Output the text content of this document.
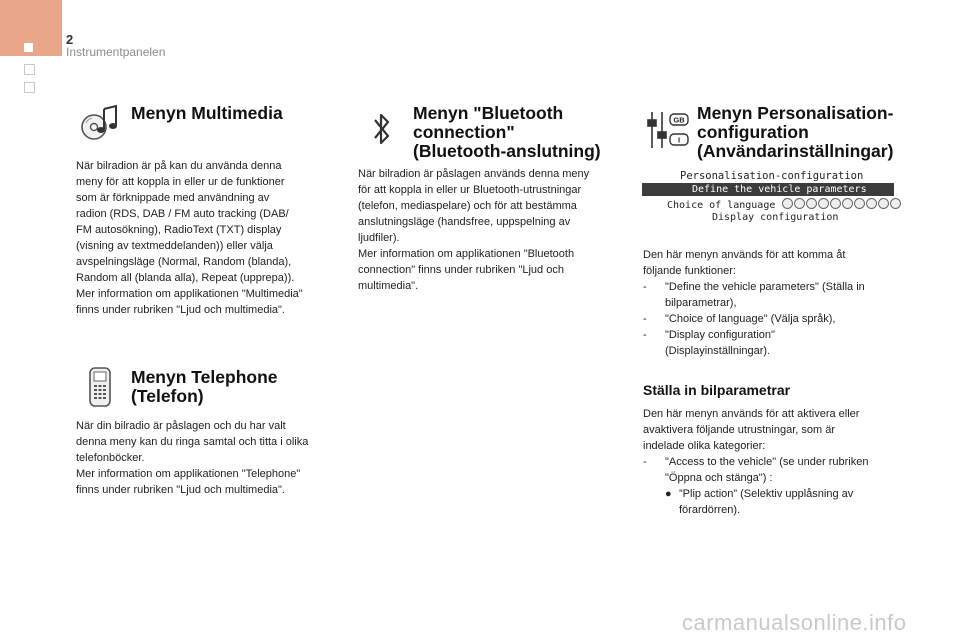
2
Instrumentpanelen
Menyn Multimedia

När bilradion är på kan du använda denna

meny för att koppla in eller ur de funktioner

som är förknippade med användning av

radion (RDS, DAB / FM auto tracking (DAB/

FM autosökning), RadioText (TXT) display

(visning av textmeddelanden)) eller välja

avspelningsläge (Normal, Random (blanda),

Random all (blanda alla), Repeat (upprepa)).

Mer information om applikationen "Multimedia"

finns under rubriken "Ljud och multimedia".

Menyn Telephone
(Telefon)

När din bilradio är påslagen och du har valt

denna meny kan du ringa samtal och titta i olika

telefonböcker.

Mer information om applikationen "Telephone"

finns under rubriken "Ljud och multimedia".

Menyn "Bluetooth
connection"
(Bluetooth-anslutning)

När bilradion är påslagen används denna meny

för att koppla in eller ur Bluetooth-utrustningar

(telefon, mediaspelare) och för att bestämma

anslutningsläge (handsfree, uppspelning av

ljudfiler).

Mer information om applikationen "Bluetooth

connection" finns under rubriken "Ljud och

multimedia".

GB
I
Menyn Personalisation-
configuration
(Användarinställningar)
Personalisation-configuration
Define the vehicle parameters
Choice of language
Display configuration

Den här menyn används för att komma åt

följande funktioner:

- "Define the vehicle parameters" (Ställa in
bilparametrar),
- "Choice of language" (Välja språk),
- "Display configuration"
(Displayinställningar).
Ställa in bilparametrar

Den här menyn används för att aktivera eller

avaktivera följande utrustningar, som är

indelade olika kategorier:

- "Access to the vehicle" (se under rubriken
"Öppna och stänga") :
● ”Plip action” (Selektiv upplåsning av
förardörren).
carmanualsonline.info
